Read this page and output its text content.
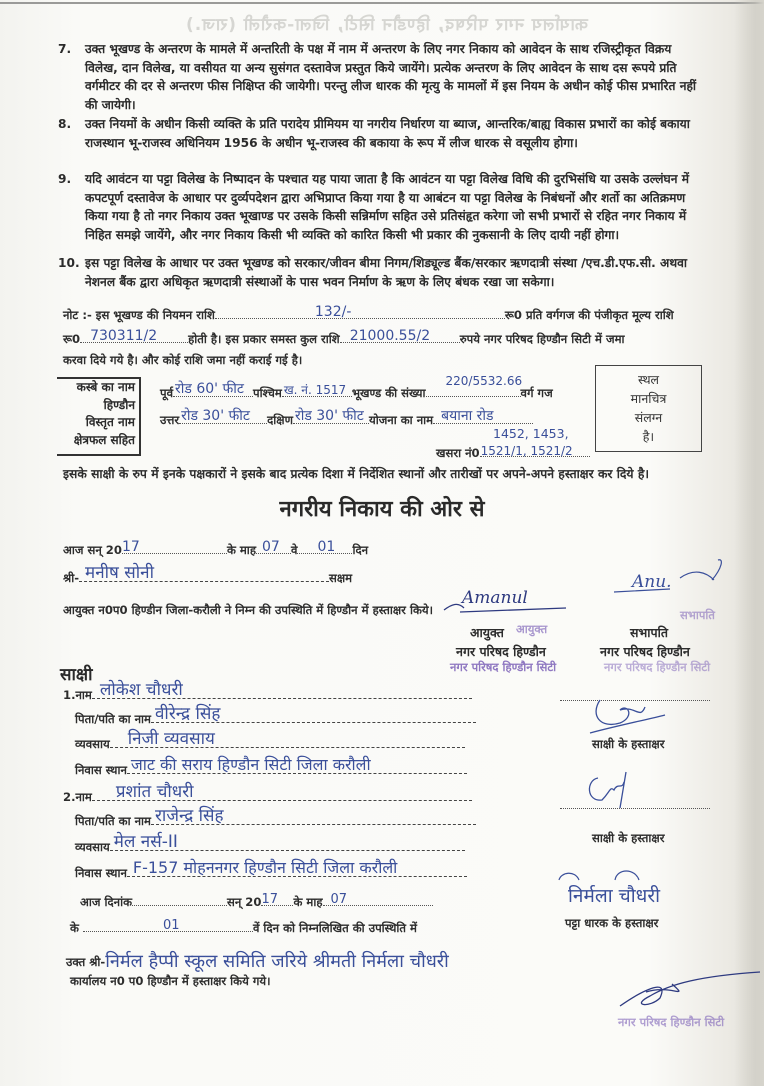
कार्यालय नगर परिषद, हिण्डौन सिटी, जिला-करौली (राज.)
7.	उक्त भूखण्ड के अन्तरण के मामले में अन्तरिती के पक्ष में नाम में अन्तरण के लिए नगर निकाय को आवेदन के साथ रजिस्ट्रीकृत विक्रय विलेख, दान विलेख, या वसीयत या अन्य सुसंगत दस्तावेज प्रस्तुत किये जायेंगे। प्रत्येक अन्तरण के लिए आवेदन के साथ दस रूपये प्रति वर्गमीटर की दर से अन्तरण फीस निक्षिप्त की जायेगी। परन्तु लीज धारक की मृत्यु के मामलों में इस नियम के अधीन कोई फीस प्रभारित नहीं की जायेगी।
8.	उक्त नियमों के अधीन किसी व्यक्ति के प्रति परादेय प्रीमियम या नगरीय निर्धारण या ब्याज, आन्तरिक/बाह्य विकास प्रभारों का कोई बकाया राजस्थान भू-राजस्व अधिनियम 1956 के अधीन भू-राजस्व की बकाया के रूप में लीज धारक से वसूलीय होगा।
9.	यदि आवंटन या पट्टा विलेख के निष्पादन के पश्चात यह पाया जाता है कि आवंटन या पट्टा विलेख विधि की दुरभिसंधि या उसके उल्लंघन में कपटपूर्ण दस्तावेज के आधार पर दुर्व्यपदेशन द्वारा अभिप्राप्त किया गया है या आबंटन या पट्टा विलेख के निबंधनों और शर्तो का अतिक्रमण किया गया है तो नगर निकाय उक्त भूखाण्ड पर उसके किसी सन्निर्माण सहित उसे प्रतिसंहृत करेगा जो सभी प्रभारों से रहित नगर निकाय में निहित समझे जायेंगे, और नगर निकाय किसी भी व्यक्ति को कारित किसी भी प्रकार की नुकसानी के लिए दायी नहीं होगा।
10. इस पट्टा विलेख के आधार पर उक्त भूखण्ड को सरकार/जीवन बीमा निगम/शिड्यूल्ड बैंक/सरकार ऋणदात्री संस्था /एच.डी.एफ.सी. अथवा नेशनल बैंक द्वारा अधिकृत ऋणदात्री संस्थाओं के पास भवन निर्माण के ऋण के लिए बंधक रखा जा सकेगा।
नोट :- इस भूखण्ड की नियमन राशि	132/-	रू0 प्रति वर्गगज की पंजीकृत मूल्य राशि
रू0 730311/2	होती है। इस प्रकार समस्त कुल राशि 21000.55/2	रुपये नगर परिषद हिण्डौन सिटी में जमा
करवा दिये गये है। और कोई राशि जमा नहीं कराई गई है।
कस्बे का नाम
हिण्डौन
विस्तृत नाम
क्षेत्रफल सहित
पूर्व रोड 60' फीट पश्चिम ख. नं. 1517 भूखण्ड की संख्या
220/5532.66
वर्ग गज
उत्तर रोड 30' फीट दक्षिण रोड 30' फीट योजना का नाम बयाना रोड
1452, 1453,
खसरा नं0 1521/1, 1521/2
स्थल
मानचित्र
संलग्न
है।
इसके साक्षी के रुप में इनके पक्षकारों ने इसके बाद प्रत्येक दिशा में निर्देशित स्थानों और तारीखों पर अपने-अपने हस्ताक्षर कर दिये है।
नगरीय निकाय की ओर से
आज सन् 20 17	के माह 07 वे 01 दिन
श्री- मनीष सोनी	सक्षम
आयुक्त न0प0 हिण्डीन जिला-करौली ने निम्न की उपस्थिति में हिण्डौन में हस्ताक्षर किये।
Amanul
Anu.
आयुक्त
नगर परिषद हिण्डौन सिटी
सभापति
नगर परिषद हिण्डौन सिटी
आयुक्त
नगर परिषद हिण्डौन
सभापति
नगर परिषद हिण्डौन
साक्षी
1.नाम लोकेश चौधरी
पिता/पति का नाम वीरेन्द्र सिंह
व्यवसाय निजी व्यवसाय
निवास स्थान जाट की सराय हिण्डौन सिटी जिला करौली
साक्षी के हस्ताक्षर
2.नाम प्रशांत चौधरी
पिता/पति का नाम राजेन्द्र सिंह
व्यवसाय मेल नर्स-II
निवास स्थान F-157 मोहननगर हिण्डौन सिटी जिला करौली
साक्षी के हस्ताक्षर
आज दिनांक	सन् 20 17 के माह 07	निर्मला चौधरी
पट्टा धारक के हस्ताक्षर
के	01	वें दिन को निम्नलिखित की उपस्थिति में
उक्त श्री-निर्मल हैप्पी स्कूल समिति जरिये श्रीमती निर्मला चौधरी
कार्यालय न0 प0 हिण्डौन में हस्ताक्षर किये गये।
नगर परिषद हिण्डौन सिटी
